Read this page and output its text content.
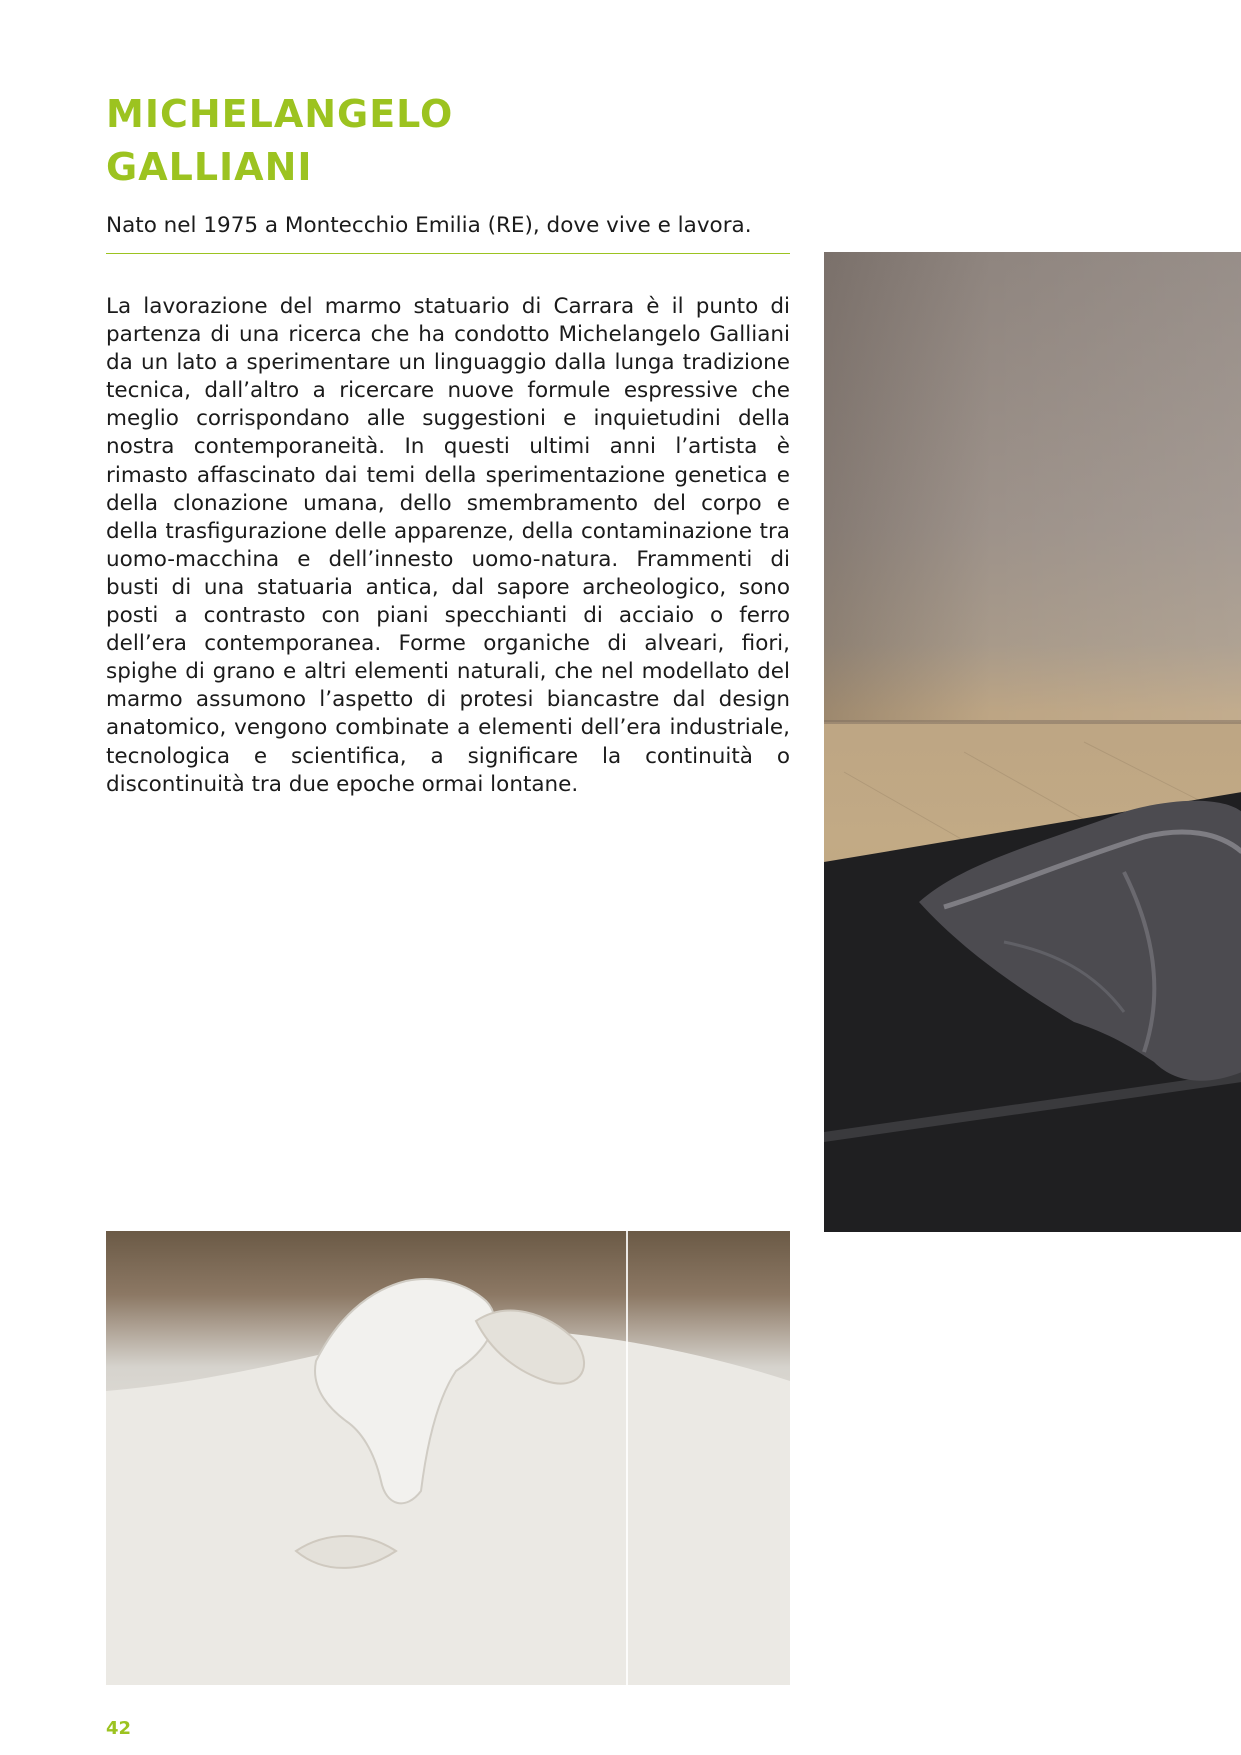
MICHELANGELO
GALLIANI

Nato nel 1975 a Montecchio Emilia (RE), dove vive e lavora.

La lavorazione del marmo statuario di Carrara è il punto di partenza di una ricerca che ha condotto Michelangelo Galliani da un lato a sperimentare un linguaggio dalla lunga tradizione tecnica, dall’altro a ricercare nuove formule espressive che meglio corrispondano alle suggestioni e inquietudini della nostra contemporaneità. In questi ultimi anni l’artista è rimasto affascinato dai temi della sperimentazione genetica e della clonazione umana, dello smembramento del corpo e della trasfigurazione delle apparenze, della contaminazione tra uomo-macchina e dell’innesto uomo-natura. Frammenti di busti di una statuaria antica, dal sapore archeologico, sono posti a contrasto con piani specchianti di acciaio o ferro dell’era contemporanea. Forme organiche di alveari, fiori, spighe di grano e altri elementi naturali, che nel modellato del marmo assumono l’aspetto di protesi biancastre dal design anatomico, vengono combinate a elementi dell’era industriale, tecnologica e scientifica, a significare la continuità o discontinuità tra due epoche ormai lontane.

42
